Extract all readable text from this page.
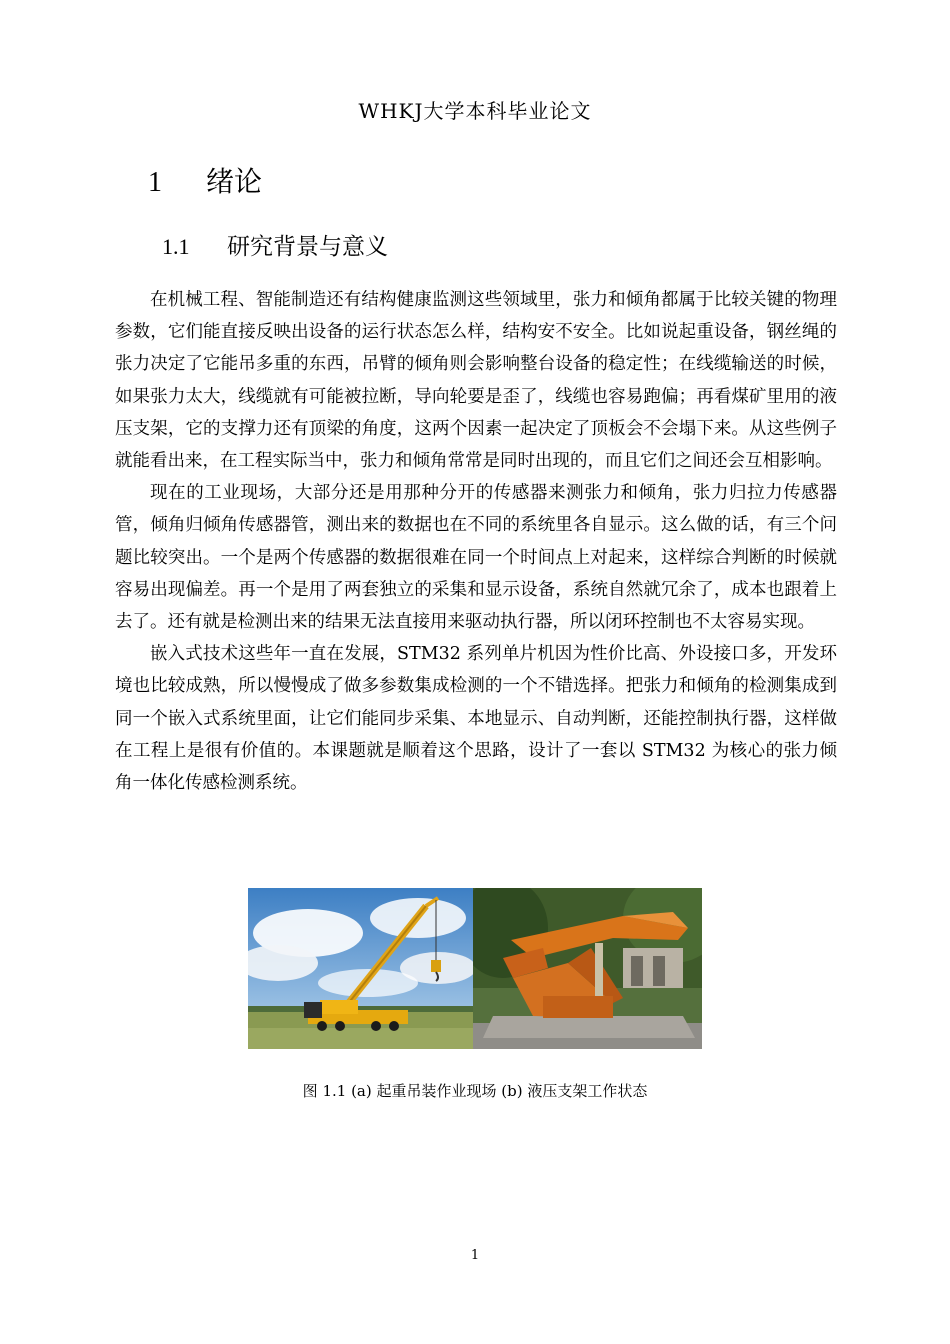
WHKJ大学本科毕业论文
1 绪论
1.1 研究背景与意义

在机械工程、智能制造还有结构健康监测这些领域里，张力和倾角都属于比较关键的物理参数，它们能直接反映出设备的运行状态怎么样，结构安不安全。比如说起重设备，钢丝绳的张力决定了它能吊多重的东西，吊臂的倾角则会影响整台设备的稳定性；在线缆输送的时候，如果张力太大，线缆就有可能被拉断，导向轮要是歪了，线缆也容易跑偏；再看煤矿里用的液压支架，它的支撑力还有顶梁的角度，这两个因素一起决定了顶板会不会塌下来。从这些例子就能看出来，在工程实际当中，张力和倾角常常是同时出现的，而且它们之间还会互相影响。

现在的工业现场，大部分还是用那种分开的传感器来测张力和倾角，张力归拉力传感器管，倾角归倾角传感器管，测出来的数据也在不同的系统里各自显示。这么做的话，有三个问题比较突出。一个是两个传感器的数据很难在同一个时间点上对起来，这样综合判断的时候就容易出现偏差。再一个是用了两套独立的采集和显示设备，系统自然就冗余了，成本也跟着上去了。还有就是检测出来的结果无法直接用来驱动执行器，所以闭环控制也不太容易实现。

嵌入式技术这些年一直在发展，STM32 系列单片机因为性价比高、外设接口多，开发环境也比较成熟，所以慢慢成了做多参数集成检测的一个不错选择。把张力和倾角的检测集成到同一个嵌入式系统里面，让它们能同步采集、本地显示、自动判断，还能控制执行器，这样做在工程上是很有价值的。本课题就是顺着这个思路，设计了一套以 STM32 为核心的张力倾角一体化传感检测系统。

图 1.1 (a) 起重吊装作业现场 (b) 液压支架工作状态
1
